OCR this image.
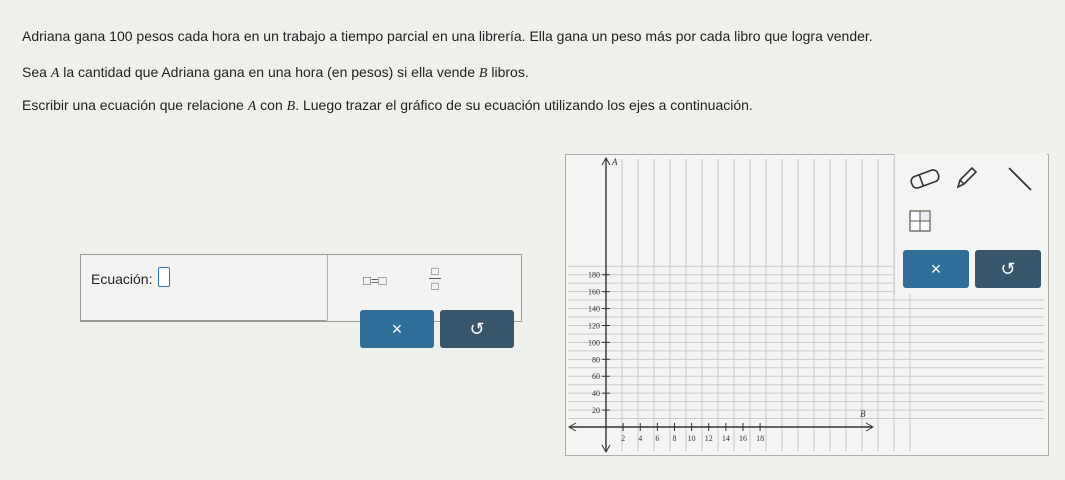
Adriana gana 100 pesos cada hora en un trabajo a tiempo parcial en una librería. Ella gana un peso más por cada libro que logra vender.
Sea A la cantidad que Adriana gana en una hora (en pesos) si ella vende B libros.
Escribir una ecuación que relacione A con B. Luego trazar el gráfico de su ecuación utilizando los ejes a continuación.
Ecuación:	□=□
□
□
×	↺
20
40
60
80
100
120
140
160
180
2 4 6 8 10 12 14 16 18
A
B
×	↺
